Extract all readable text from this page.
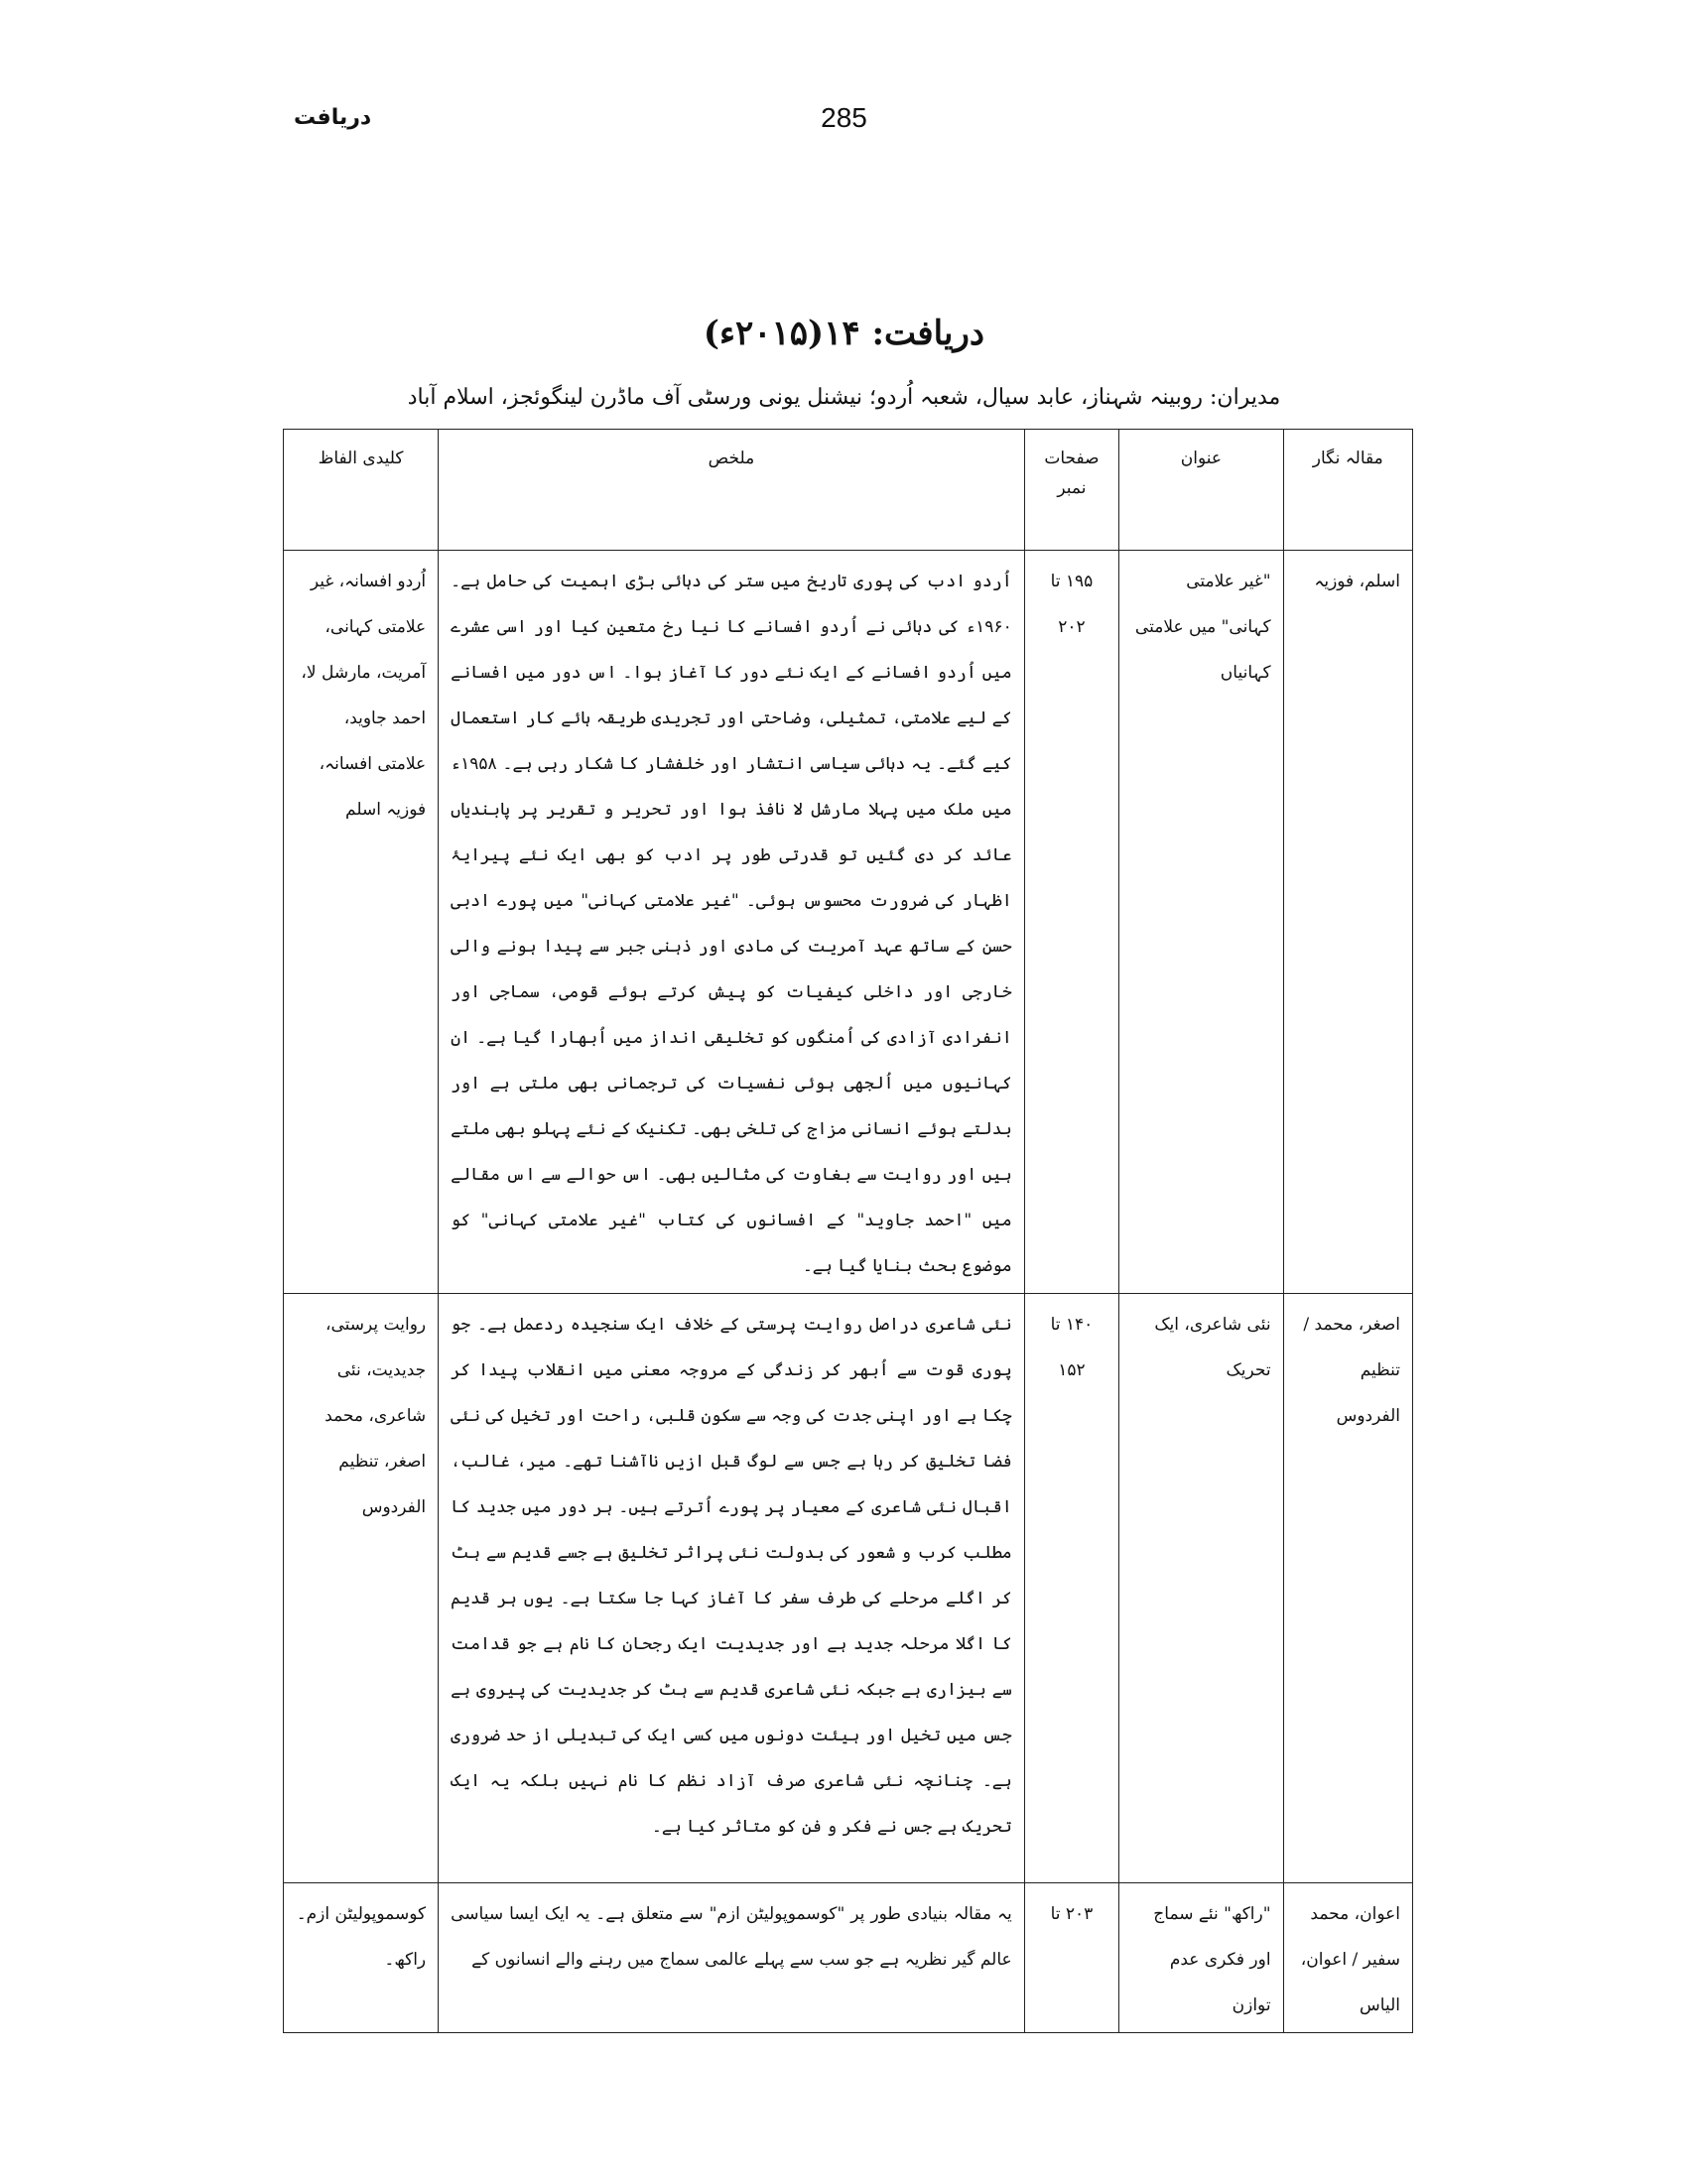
285
دریافت
دریافت: ۱۴(۲۰۱۵ء)
مدیران: روبینہ شہناز، عابد سیال، شعبہ اُردو؛ نیشنل یونی ورسٹی آف ماڈرن لینگوئجز، اسلام آباد
مقالہ نگار	عنوان	صفحات نمبر	ملخص	کلیدی الفاظ
اسلم، فوزیہ	"غیر علامتی کہانی" میں علامتی کہانیاں	۱۹۵ تا ۲۰۲	اُردو ادب کی پوری تاریخ میں ستر کی دہائی بڑی اہمیت کی حامل ہے۔ ۱۹۶۰ء کی دہائی نے اُردو افسانے کا نیا رخ متعین کیا اور اسی عشرے میں اُردو افسانے کے ایک نئے دور کا آغاز ہوا۔ اس دور میں افسانے کے لیے علامتی، تمثیلی، وضاحتی اور تجریدی طریقہ ہائے کار استعمال کیے گئے۔ یہ دہائی سیاسی انتشار اور خلفشار کا شکار رہی ہے۔ ۱۹۵۸ء میں ملک میں پہلا مارشل لا نافذ ہوا اور تحریر و تقریر پر پابندیاں عائد کر دی گئیں تو قدرتی طور پر ادب کو بھی ایک نئے پیرایۂ اظہار کی ضرورت محسوس ہوئی۔ "غیر علامتی کہانی" میں پورے ادبی حسن کے ساتھ عہد آمریت کی مادی اور ذہنی جبر سے پیدا ہونے والی خارجی اور داخلی کیفیات کو پیش کرتے ہوئے قومی، سماجی اور انفرادی آزادی کی اُمنگوں کو تخلیقی انداز میں اُبھارا گیا ہے۔ ان کہانیوں میں اُلجھی ہوئی نفسیات کی ترجمانی بھی ملتی ہے اور بدلتے ہوئے انسانی مزاج کی تلخی بھی۔ تکنیک کے نئے پہلو بھی ملتے ہیں اور روایت سے بغاوت کی مثالیں بھی۔ اس حوالے سے اس مقالے میں "احمد جاوید" کے افسانوں کی کتاب "غیر علامتی کہانی" کو موضوع بحث بنایا گیا ہے۔	اُردو افسانہ، غیر علامتی کہانی، آمریت، مارشل لا، احمد جاوید، علامتی افسانہ، فوزیہ اسلم
اصغر، محمد / تنظیم الفردوس	نئی شاعری، ایک تحریک	۱۴۰ تا ۱۵۲	نئی شاعری دراصل روایت پرستی کے خلاف ایک سنجیدہ ردعمل ہے۔ جو پوری قوت سے اُبھر کر زندگی کے مروجہ معنی میں انقلاب پیدا کر چکا ہے اور اپنی جدت کی وجہ سے سکون قلبی، راحت اور تخیل کی نئی فضا تخلیق کر رہا ہے جس سے لوگ قبل ازیں ناآشنا تھے۔ میر، غالب، اقبال نئی شاعری کے معیار پر پورے اُترتے ہیں۔ ہر دور میں جدید کا مطلب کرب و شعور کی بدولت نئی پراثر تخلیق ہے جسے قدیم سے ہٹ کر اگلے مرحلے کی طرف سفر کا آغاز کہا جا سکتا ہے۔ یوں ہر قدیم کا اگلا مرحلہ جدید ہے اور جدیدیت ایک رجحان کا نام ہے جو قدامت سے بیزاری ہے جبکہ نئی شاعری قدیم سے ہٹ کر جدیدیت کی پیروی ہے جس میں تخیل اور ہیئت دونوں میں کسی ایک کی تبدیلی از حد ضروری ہے۔ چنانچہ نئی شاعری صرف آزاد نظم کا نام نہیں بلکہ یہ ایک تحریک ہے جس نے فکر و فن کو متاثر کیا ہے۔	روایت پرستی، جدیدیت، نئی شاعری، محمد اصغر، تنظیم الفردوس
اعوان، محمد سفیر / اعوان، الیاس	"راکھ" نئے سماج اور فکری عدم توازن	۲۰۳ تا	یہ مقالہ بنیادی طور پر "کوسموپولیٹن ازم" سے متعلق ہے۔ یہ ایک ایسا سیاسی عالم گیر نظریہ ہے جو سب سے پہلے عالمی سماج میں رہنے والے انسانوں کے	کوسموپولیٹن ازم۔ راکھ۔
